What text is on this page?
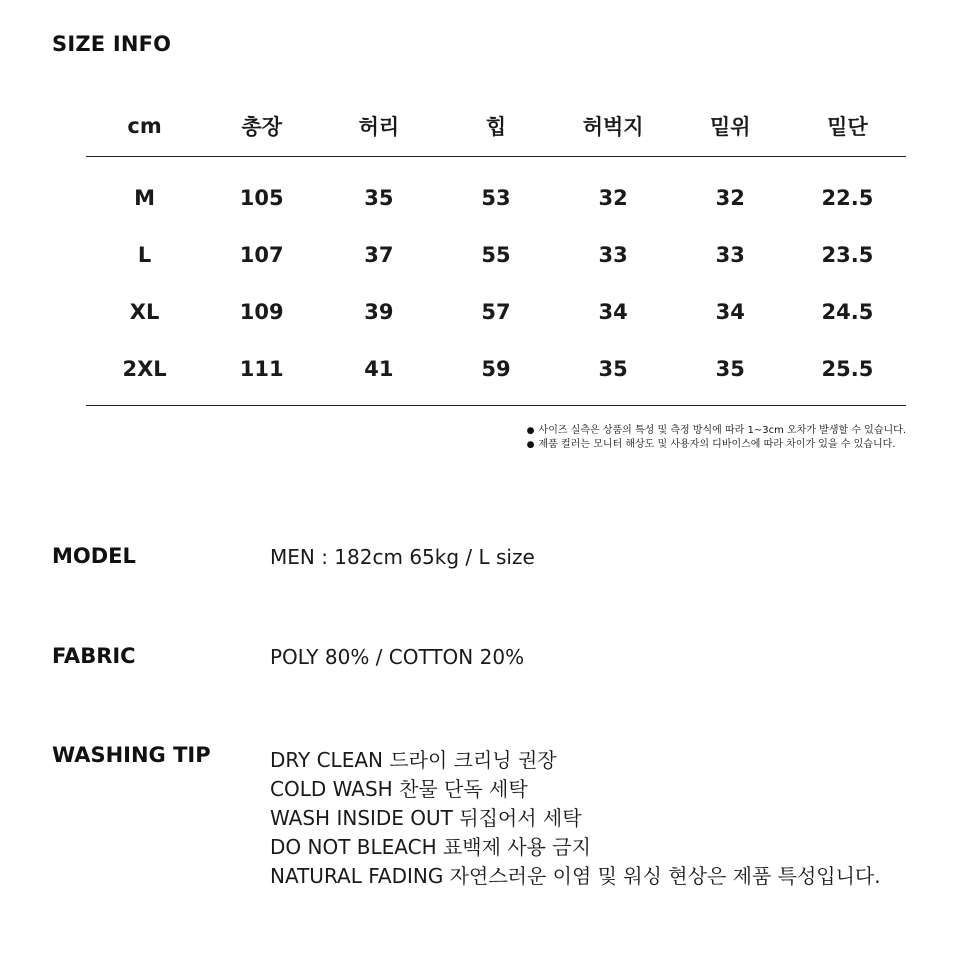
SIZE INFO
cm	총장	허리	힙	허벅지	밑위	밑단
M	105	35	53	32	32	22.5
L	107	37	55	33	33	23.5
XL	109	39	57	34	34	24.5
2XL	111	41	59	35	35	25.5
● 사이즈 실측은 상품의 특성 및 측정 방식에 따라 1~3cm 오차가 발생할 수 있습니다.
● 제품 컬러는 모니터 해상도 및 사용자의 디바이스에 따라 차이가 있을 수 있습니다.
MODEL	MEN : 182cm 65kg / L size

FABRIC	POLY 80% / COTTON 20%

WASHING TIP	DRY CLEAN 드라이 크리닝 권장
COLD WASH 찬물 단독 세탁
WASH INSIDE OUT 뒤집어서 세탁
DO NOT BLEACH 표백제 사용 금지
NATURAL FADING 자연스러운 이염 및 워싱 현상은 제품 특성입니다.
